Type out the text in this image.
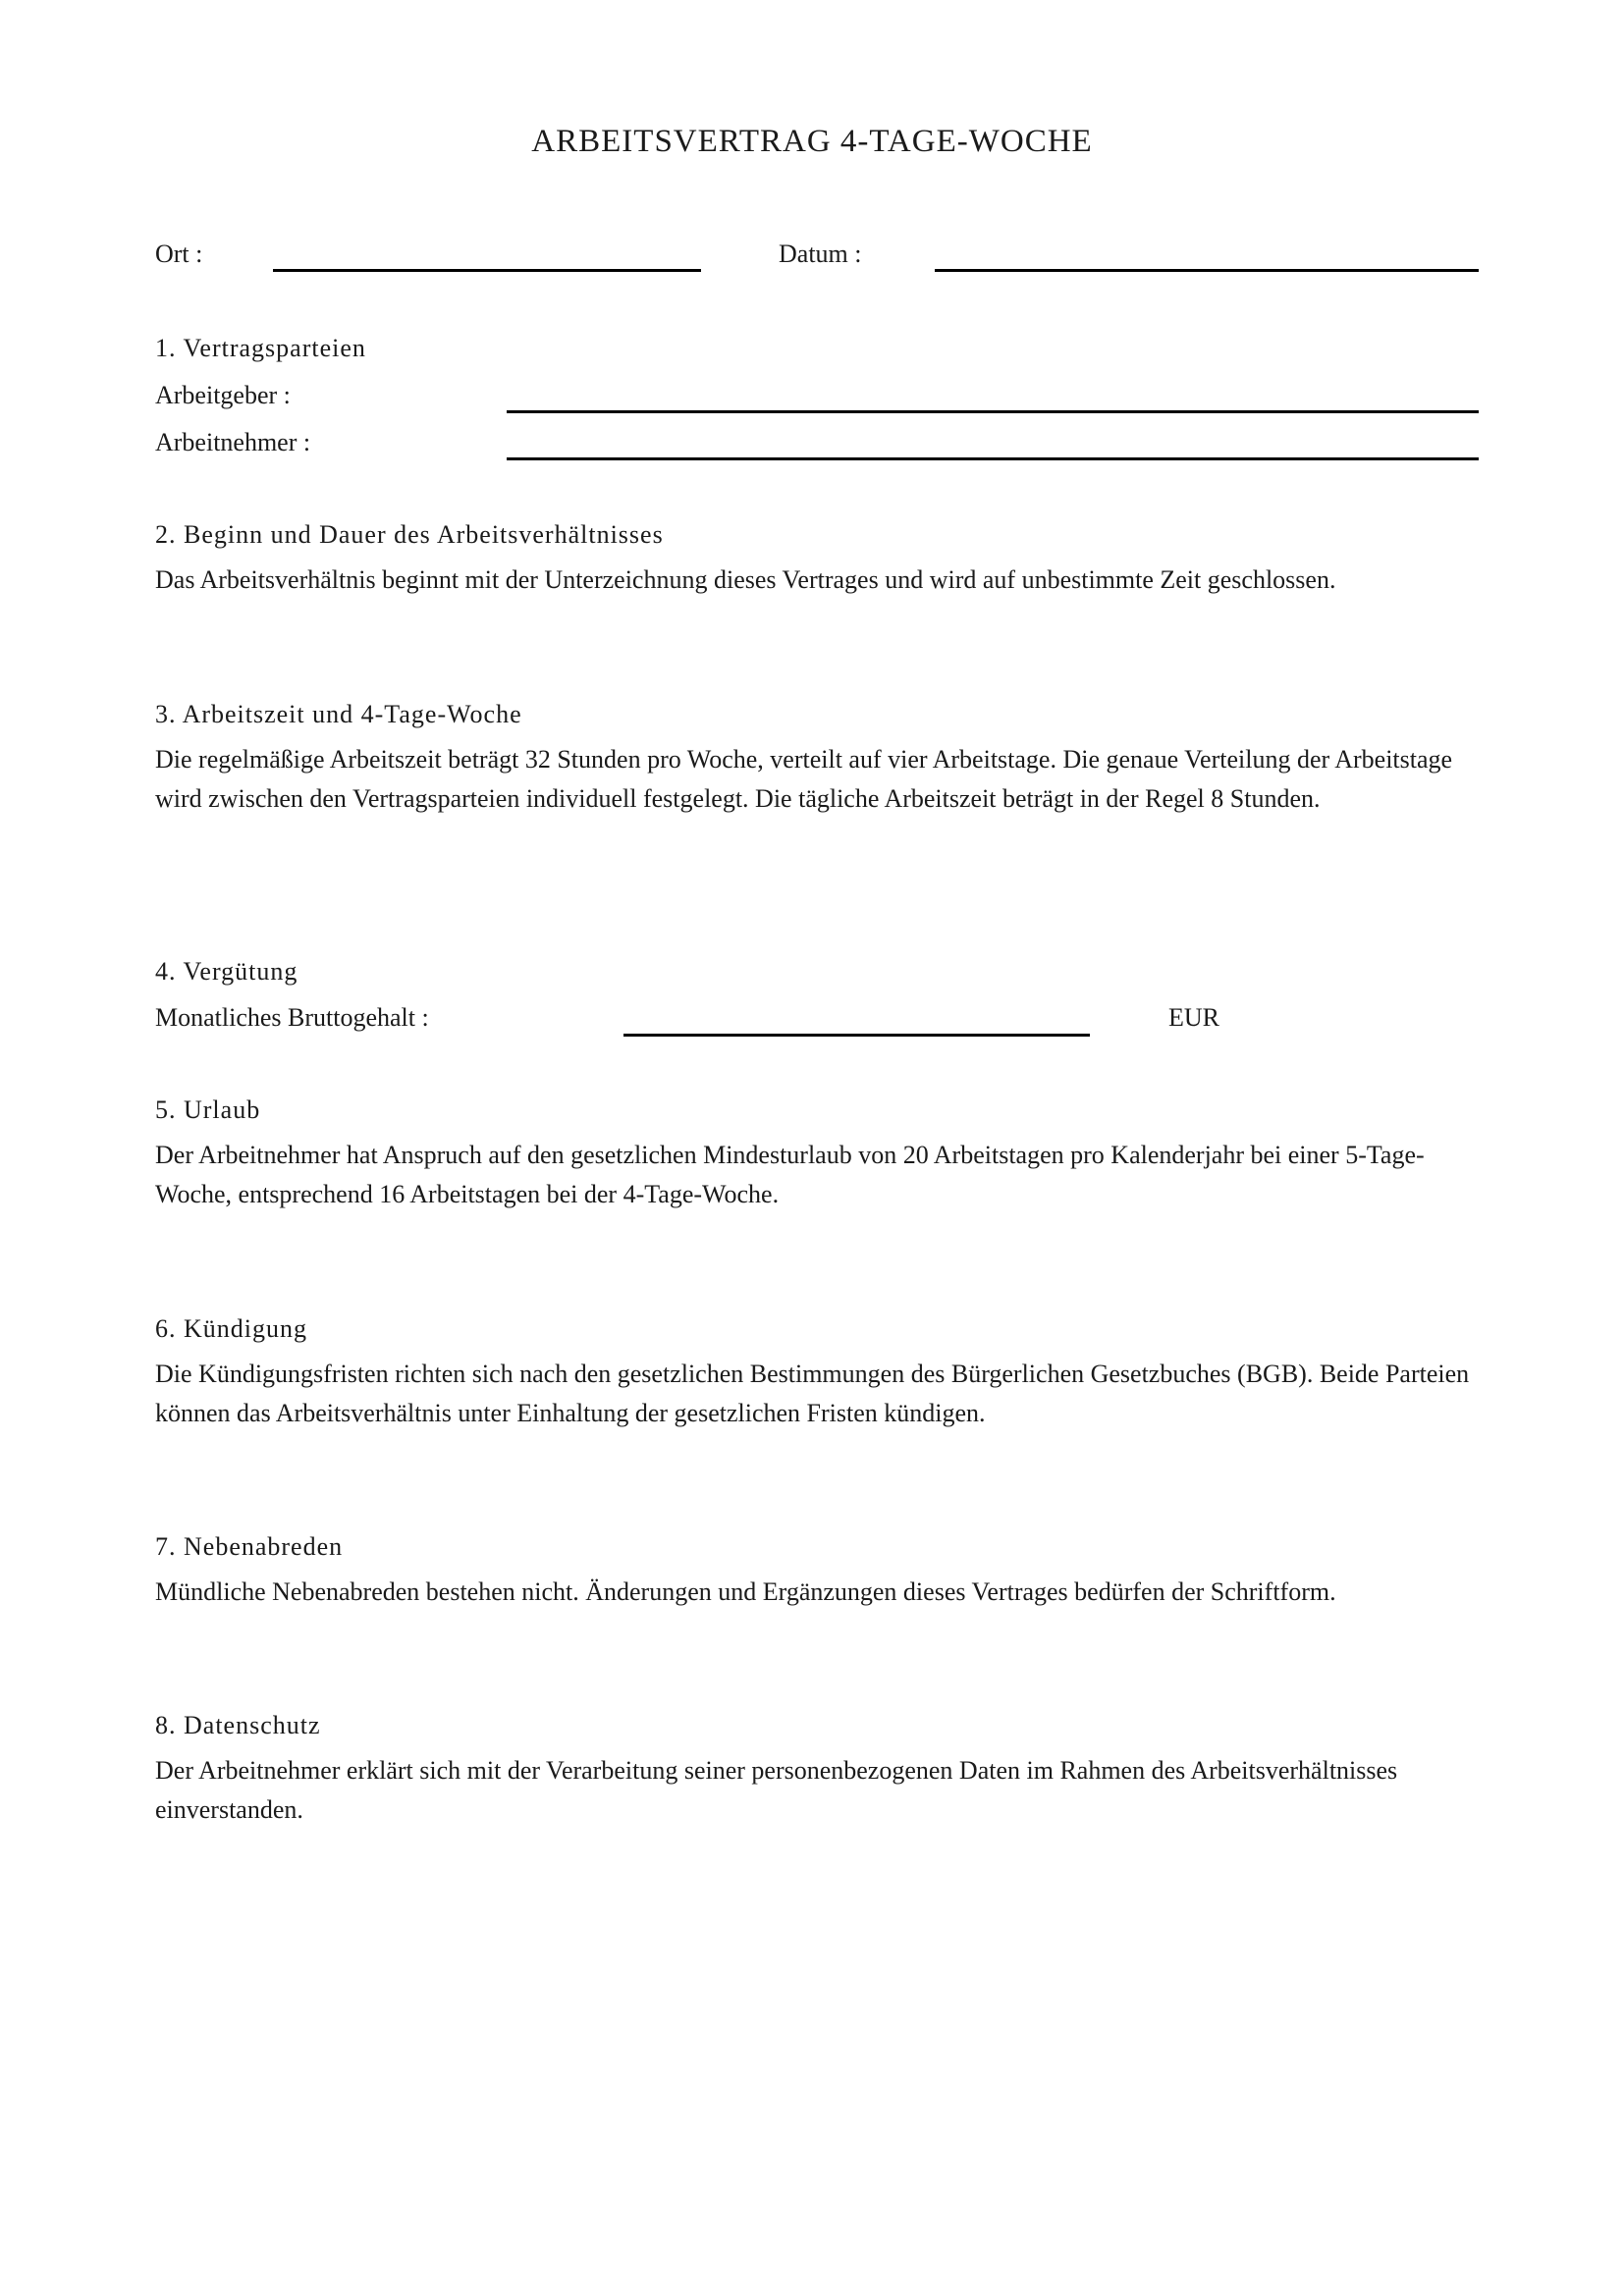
ARBEITSVERTRAG 4-TAGE-WOCHE
Ort :	Datum :
1. Vertragsparteien
Arbeitgeber :
Arbeitnehmer :
2. Beginn und Dauer des Arbeitsverhältnisses
Das Arbeitsverhältnis beginnt mit der Unterzeichnung dieses Vertrages und wird auf unbestimmte Zeit geschlossen.
3. Arbeitszeit und 4-Tage-Woche
Die regelmäßige Arbeitszeit beträgt 32 Stunden pro Woche, verteilt auf vier Arbeitstage. Die genaue Verteilung der Arbeitstage wird zwischen den Vertragsparteien individuell festgelegt. Die tägliche Arbeitszeit beträgt in der Regel 8 Stunden.
4. Vergütung
Monatliches Bruttogehalt :	EUR
5. Urlaub
Der Arbeitnehmer hat Anspruch auf den gesetzlichen Mindesturlaub von 20 Arbeitstagen pro Kalenderjahr bei einer 5-Tage-Woche, entsprechend 16 Arbeitstagen bei der 4-Tage-Woche.
6. Kündigung
Die Kündigungsfristen richten sich nach den gesetzlichen Bestimmungen des Bürgerlichen Gesetzbuches (BGB). Beide Parteien können das Arbeitsverhältnis unter Einhaltung der gesetzlichen Fristen kündigen.
7. Nebenabreden
Mündliche Nebenabreden bestehen nicht. Änderungen und Ergänzungen dieses Vertrages bedürfen der Schriftform.
8. Datenschutz
Der Arbeitnehmer erklärt sich mit der Verarbeitung seiner personenbezogenen Daten im Rahmen des Arbeitsverhältnisses einverstanden.
